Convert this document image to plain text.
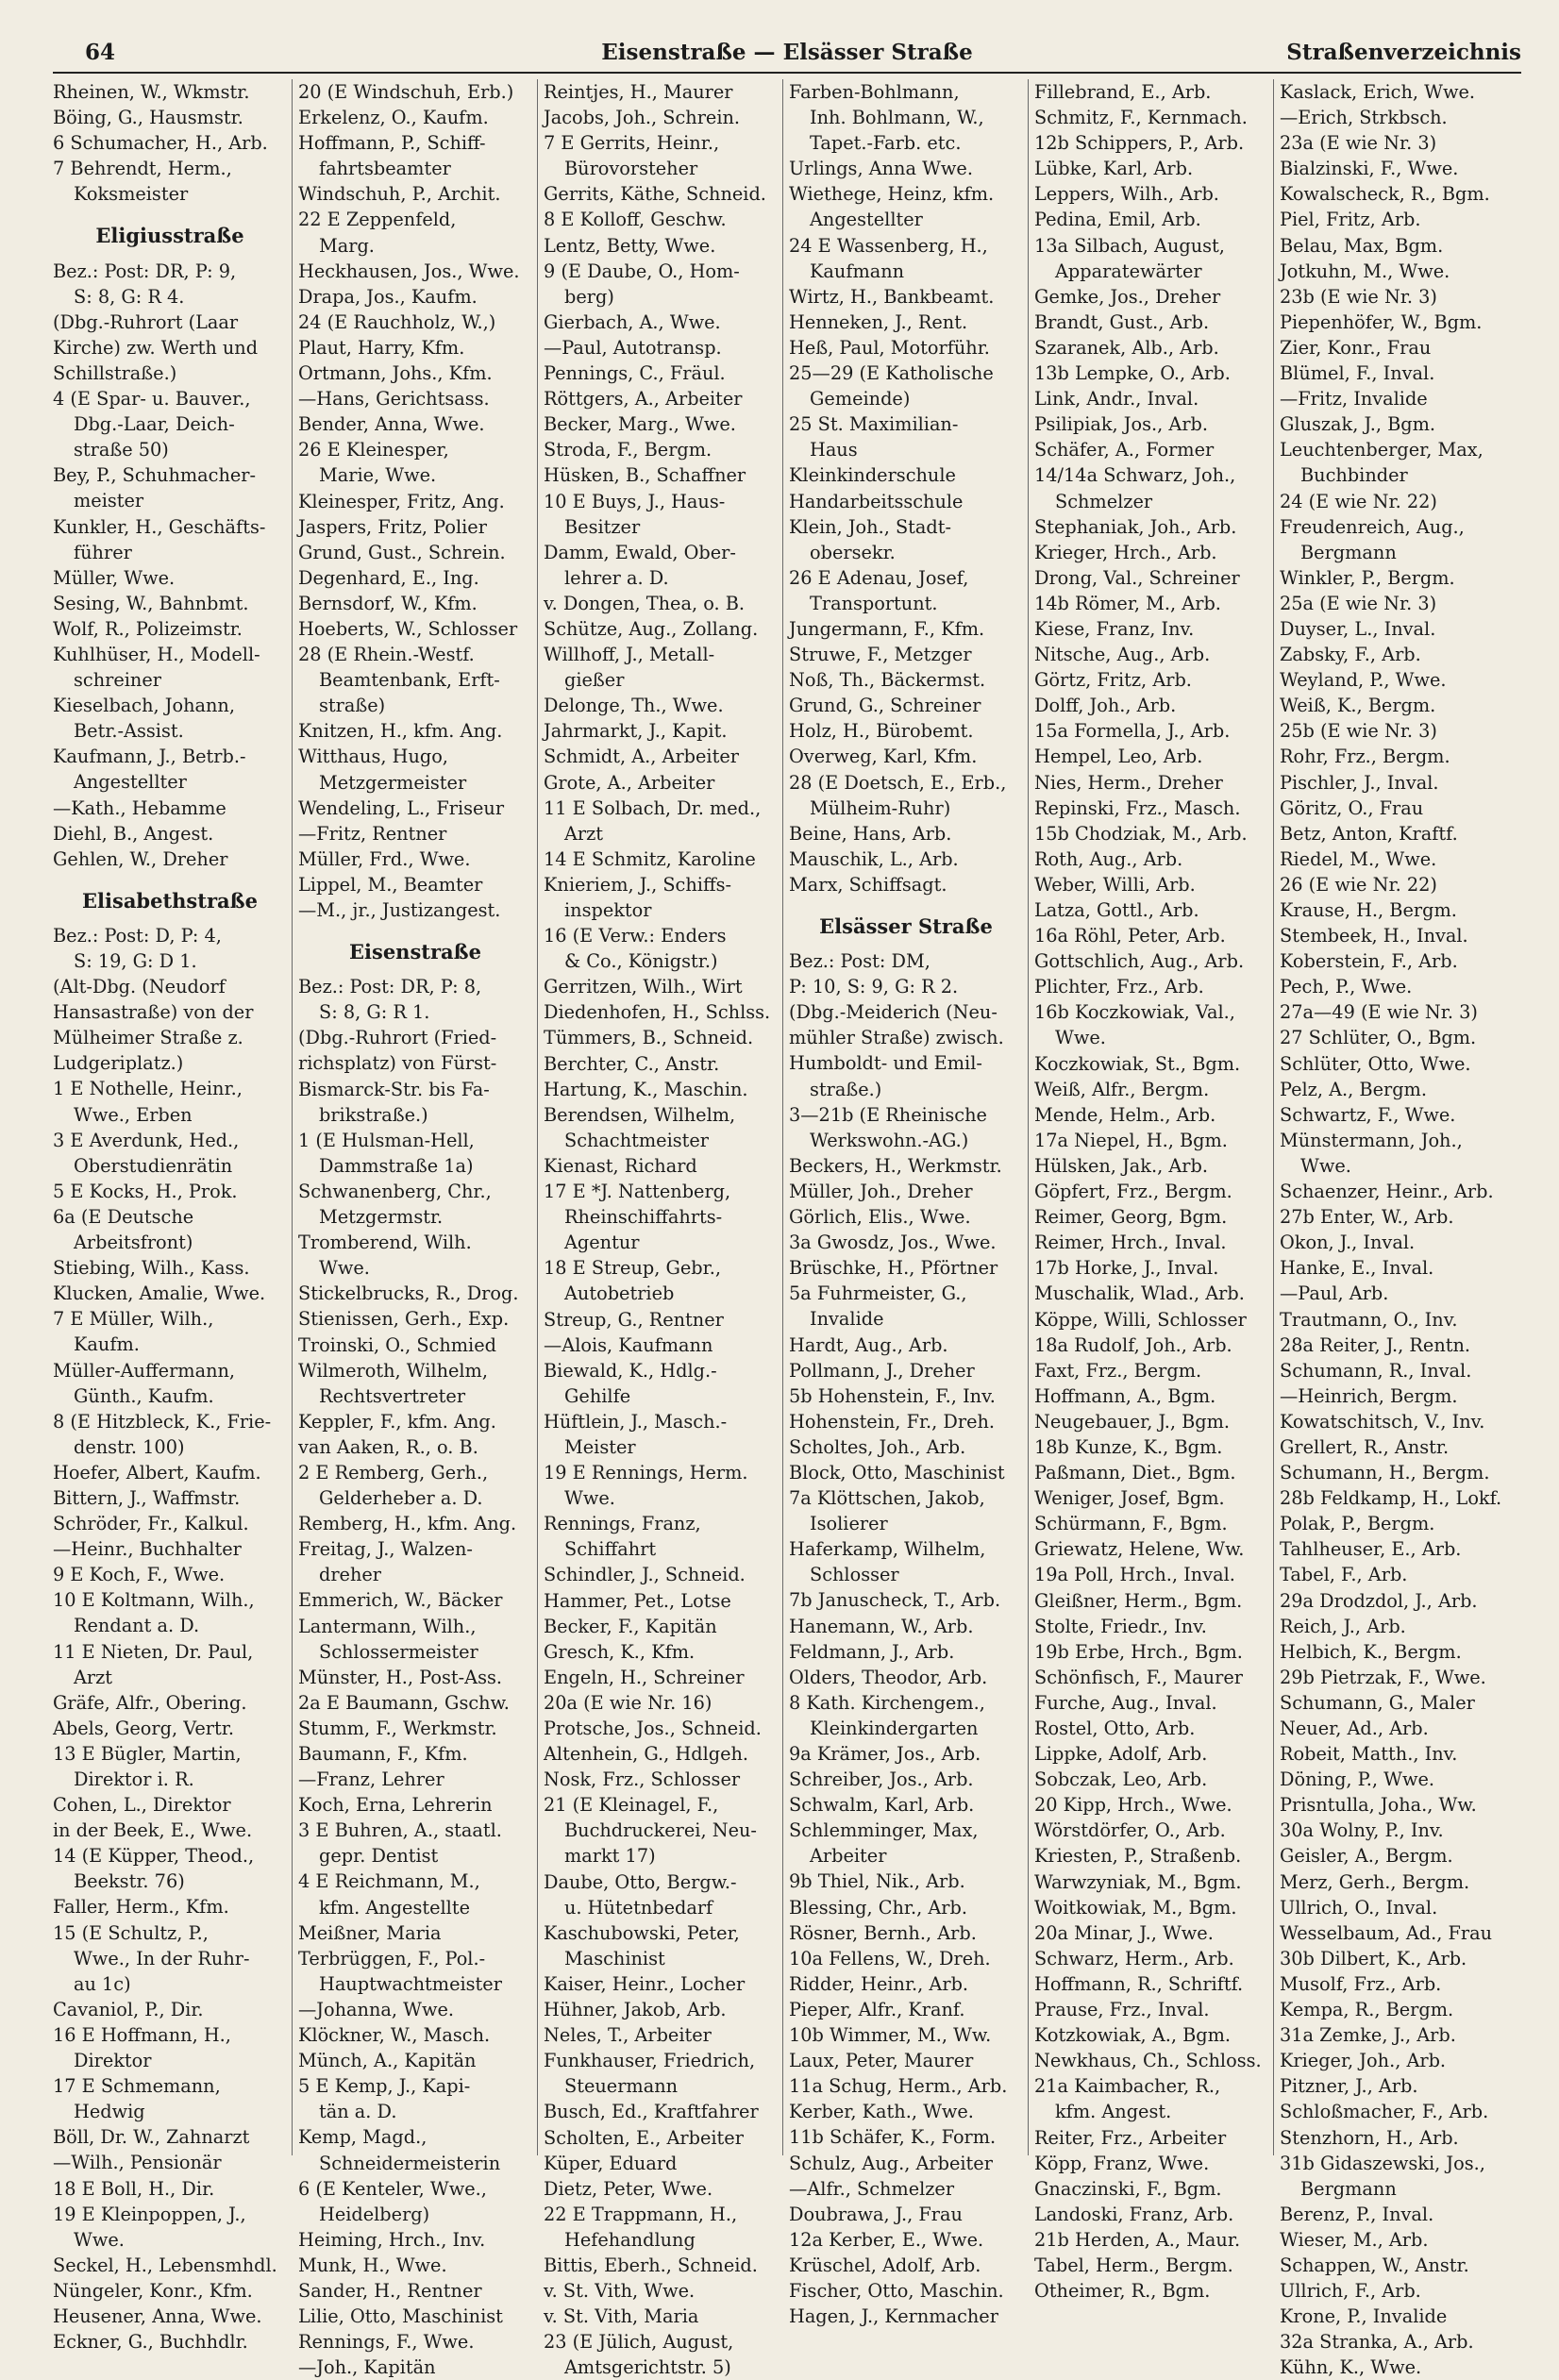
64	Eisenstraße — Elsässer Straße	Straßenverzeichnis
Rheinen, W., Wkmstr.
Böing, G., Hausmstr.
6 Schumacher, H., Arb.
7 Behrendt, Herm.,
Koksmeister
Eligiusstraße
Bez.: Post: DR, P: 9,
S: 8, G: R 4.
(Dbg.-Ruhrort (Laar
Kirche) zw. Werth und
Schillstraße.)
4 (E Spar- u. Bauver.,
Dbg.-Laar, Deich-
straße 50)
Bey, P., Schuhmacher-
meister
Kunkler, H., Geschäfts-
führer
Müller, Wwe.
Sesing, W., Bahnbmt.
Wolf, R., Polizeimstr.
Kuhlhüser, H., Modell-
schreiner
Kieselbach, Johann,
Betr.-Assist.
Kaufmann, J., Betrb.-
Angestellter
—Kath., Hebamme
Diehl, B., Angest.
Gehlen, W., Dreher
Elisabethstraße
Bez.: Post: D, P: 4,
S: 19, G: D 1.
(Alt-Dbg. (Neudorf
Hansastraße) von der
Mülheimer Straße z.
Ludgeriplatz.)
1 E Nothelle, Heinr.,
Wwe., Erben
3 E Averdunk, Hed.,
Oberstudienrätin
5 E Kocks, H., Prok.
6a (E Deutsche
Arbeitsfront)
Stiebing, Wilh., Kass.
Klucken, Amalie, Wwe.
7 E Müller, Wilh.,
Kaufm.
Müller-Auffermann,
Günth., Kaufm.
8 (E Hitzbleck, K., Frie-
denstr. 100)
Hoefer, Albert, Kaufm.
Bittern, J., Waffmstr.
Schröder, Fr., Kalkul.
—Heinr., Buchhalter
9 E Koch, F., Wwe.
10 E Koltmann, Wilh.,
Rendant a. D.
11 E Nieten, Dr. Paul,
Arzt
Gräfe, Alfr., Obering.
Abels, Georg, Vertr.
13 E Bügler, Martin,
Direktor i. R.
Cohen, L., Direktor
in der Beek, E., Wwe.
14 (E Küpper, Theod.,
Beekstr. 76)
Faller, Herm., Kfm.
15 (E Schultz, P.,
Wwe., In der Ruhr-
au 1c)
Cavaniol, P., Dir.
16 E Hoffmann, H.,
Direktor
17 E Schmemann,
Hedwig
Böll, Dr. W., Zahnarzt
—Wilh., Pensionär
18 E Boll, H., Dir.
19 E Kleinpoppen, J.,
Wwe.
Seckel, H., Lebensmhdl.
Nüngeler, Konr., Kfm.
Heusener, Anna, Wwe.
Eckner, G., Buchhdlr.
20 (E Windschuh, Erb.)
Erkelenz, O., Kaufm.
Hoffmann, P., Schiff-
fahrtsbeamter
Windschuh, P., Archit.
22 E Zeppenfeld,
Marg.
Heckhausen, Jos., Wwe.
Drapa, Jos., Kaufm.
24 (E Rauchholz, W.,)
Plaut, Harry, Kfm.
Ortmann, Johs., Kfm.
—Hans, Gerichtsass.
Bender, Anna, Wwe.
26 E Kleinesper,
Marie, Wwe.
Kleinesper, Fritz, Ang.
Jaspers, Fritz, Polier
Grund, Gust., Schrein.
Degenhard, E., Ing.
Bernsdorf, W., Kfm.
Hoeberts, W., Schlosser
28 (E Rhein.-Westf.
Beamtenbank, Erft-
straße)
Knitzen, H., kfm. Ang.
Witthaus, Hugo,
Metzgermeister
Wendeling, L., Friseur
—Fritz, Rentner
Müller, Frd., Wwe.
Lippel, M., Beamter
—M., jr., Justizangest.
Eisenstraße
Bez.: Post: DR, P: 8,
S: 8, G: R 1.
(Dbg.-Ruhrort (Fried-
richsplatz) von Fürst-
Bismarck-Str. bis Fa-
brikstraße.)
1 (E Hulsman-Hell,
Dammstraße 1a)
Schwanenberg, Chr.,
Metzgermstr.
Tromberend, Wilh.
Wwe.
Stickelbrucks, R., Drog.
Stienissen, Gerh., Exp.
Troinski, O., Schmied
Wilmeroth, Wilhelm,
Rechtsvertreter
Keppler, F., kfm. Ang.
van Aaken, R., o. B.
2 E Remberg, Gerh.,
Gelderheber a. D.
Remberg, H., kfm. Ang.
Freitag, J., Walzen-
dreher
Emmerich, W., Bäcker
Lantermann, Wilh.,
Schlossermeister
Münster, H., Post-Ass.
2a E Baumann, Gschw.
Stumm, F., Werkmstr.
Baumann, F., Kfm.
—Franz, Lehrer
Koch, Erna, Lehrerin
3 E Buhren, A., staatl.
gepr. Dentist
4 E Reichmann, M.,
kfm. Angestellte
Meißner, Maria
Terbrüggen, F., Pol.-
Hauptwachtmeister
—Johanna, Wwe.
Klöckner, W., Masch.
Münch, A., Kapitän
5 E Kemp, J., Kapi-
tän a. D.
Kemp, Magd.,
Schneidermeisterin
6 (E Kenteler, Wwe.,
Heidelberg)
Heiming, Hrch., Inv.
Munk, H., Wwe.
Sander, H., Rentner
Lilie, Otto, Maschinist
Rennings, F., Wwe.
—Joh., Kapitän
Reintjes, H., Maurer
Jacobs, Joh., Schrein.
7 E Gerrits, Heinr.,
Bürovorsteher
Gerrits, Käthe, Schneid.
8 E Kolloff, Geschw.
Lentz, Betty, Wwe.
9 (E Daube, O., Hom-
berg)
Gierbach, A., Wwe.
—Paul, Autotransp.
Pennings, C., Fräul.
Röttgers, A., Arbeiter
Becker, Marg., Wwe.
Stroda, F., Bergm.
Hüsken, B., Schaffner
10 E Buys, J., Haus-
Besitzer
Damm, Ewald, Ober-
lehrer a. D.
v. Dongen, Thea, o. B.
Schütze, Aug., Zollang.
Willhoff, J., Metall-
gießer
Delonge, Th., Wwe.
Jahrmarkt, J., Kapit.
Schmidt, A., Arbeiter
Grote, A., Arbeiter
11 E Solbach, Dr. med.,
Arzt
14 E Schmitz, Karoline
Knieriem, J., Schiffs-
inspektor
16 (E Verw.: Enders
& Co., Königstr.)
Gerritzen, Wilh., Wirt
Diedenhofen, H., Schlss.
Tümmers, B., Schneid.
Berchter, C., Anstr.
Hartung, K., Maschin.
Berendsen, Wilhelm,
Schachtmeister
Kienast, Richard
17 E *J. Nattenberg,
Rheinschiffahrts-
Agentur
18 E Streup, Gebr.,
Autobetrieb
Streup, G., Rentner
—Alois, Kaufmann
Biewald, K., Hdlg.-
Gehilfe
Hüftlein, J., Masch.-
Meister
19 E Rennings, Herm.
Wwe.
Rennings, Franz,
Schiffahrt
Schindler, J., Schneid.
Hammer, Pet., Lotse
Becker, F., Kapitän
Gresch, K., Kfm.
Engeln, H., Schreiner
20a (E wie Nr. 16)
Protsche, Jos., Schneid.
Altenhein, G., Hdlgeh.
Nosk, Frz., Schlosser
21 (E Kleinagel, F.,
Buchdruckerei, Neu-
markt 17)
Daube, Otto, Bergw.-
u. Hütetnbedarf
Kaschubowski, Peter,
Maschinist
Kaiser, Heinr., Locher
Hühner, Jakob, Arb.
Neles, T., Arbeiter
Funkhauser, Friedrich,
Steuermann
Busch, Ed., Kraftfahrer
Scholten, E., Arbeiter
Küper, Eduard
Dietz, Peter, Wwe.
22 E Trappmann, H.,
Hefehandlung
Bittis, Eberh., Schneid.
v. St. Vith, Wwe.
v. St. Vith, Maria
23 (E Jülich, August,
Amtsgerichtstr. 5)
Farben-Bohlmann,
Inh. Bohlmann, W.,
Tapet.-Farb. etc.
Urlings, Anna Wwe.
Wiethege, Heinz, kfm.
Angestellter
24 E Wassenberg, H.,
Kaufmann
Wirtz, H., Bankbeamt.
Henneken, J., Rent.
Heß, Paul, Motorführ.
25—29 (E Katholische
Gemeinde)
25 St. Maximilian-
Haus
Kleinkinderschule
Handarbeitsschule
Klein, Joh., Stadt-
obersekr.
26 E Adenau, Josef,
Transportunt.
Jungermann, F., Kfm.
Struwe, F., Metzger
Noß, Th., Bäckermst.
Grund, G., Schreiner
Holz, H., Bürobemt.
Overweg, Karl, Kfm.
28 (E Doetsch, E., Erb.,
Mülheim-Ruhr)
Beine, Hans, Arb.
Mauschik, L., Arb.
Marx, Schiffsagt.
Elsässer Straße
Bez.: Post: DM,
P: 10, S: 9, G: R 2.
(Dbg.-Meiderich (Neu-
mühler Straße) zwisch.
Humboldt- und Emil-
straße.)
3—21b (E Rheinische
Werkswohn.-AG.)
Beckers, H., Werkmstr.
Müller, Joh., Dreher
Görlich, Elis., Wwe.
3a Gwosdz, Jos., Wwe.
Brüschke, H., Pförtner
5a Fuhrmeister, G.,
Invalide
Hardt, Aug., Arb.
Pollmann, J., Dreher
5b Hohenstein, F., Inv.
Hohenstein, Fr., Dreh.
Scholtes, Joh., Arb.
Block, Otto, Maschinist
7a Klöttschen, Jakob,
Isolierer
Haferkamp, Wilhelm,
Schlosser
7b Januscheck, T., Arb.
Hanemann, W., Arb.
Feldmann, J., Arb.
Olders, Theodor, Arb.
8 Kath. Kirchengem.,
Kleinkindergarten
9a Krämer, Jos., Arb.
Schreiber, Jos., Arb.
Schwalm, Karl, Arb.
Schlemminger, Max,
Arbeiter
9b Thiel, Nik., Arb.
Blessing, Chr., Arb.
Rösner, Bernh., Arb.
10a Fellens, W., Dreh.
Ridder, Heinr., Arb.
Pieper, Alfr., Kranf.
10b Wimmer, M., Ww.
Laux, Peter, Maurer
11a Schug, Herm., Arb.
Kerber, Kath., Wwe.
11b Schäfer, K., Form.
Schulz, Aug., Arbeiter
—Alfr., Schmelzer
Doubrawa, J., Frau
12a Kerber, E., Wwe.
Krüschel, Adolf, Arb.
Fischer, Otto, Maschin.
Hagen, J., Kernmacher
Fillebrand, E., Arb.
Schmitz, F., Kernmach.
12b Schippers, P., Arb.
Lübke, Karl, Arb.
Leppers, Wilh., Arb.
Pedina, Emil, Arb.
13a Silbach, August,
Apparatewärter
Gemke, Jos., Dreher
Brandt, Gust., Arb.
Szaranek, Alb., Arb.
13b Lempke, O., Arb.
Link, Andr., Inval.
Psilipiak, Jos., Arb.
Schäfer, A., Former
14/14a Schwarz, Joh.,
Schmelzer
Stephaniak, Joh., Arb.
Krieger, Hrch., Arb.
Drong, Val., Schreiner
14b Römer, M., Arb.
Kiese, Franz, Inv.
Nitsche, Aug., Arb.
Görtz, Fritz, Arb.
Dolff, Joh., Arb.
15a Formella, J., Arb.
Hempel, Leo, Arb.
Nies, Herm., Dreher
Repinski, Frz., Masch.
15b Chodziak, M., Arb.
Roth, Aug., Arb.
Weber, Willi, Arb.
Latza, Gottl., Arb.
16a Röhl, Peter, Arb.
Gottschlich, Aug., Arb.
Plichter, Frz., Arb.
16b Koczkowiak, Val.,
Wwe.
Koczkowiak, St., Bgm.
Weiß, Alfr., Bergm.
Mende, Helm., Arb.
17a Niepel, H., Bgm.
Hülsken, Jak., Arb.
Göpfert, Frz., Bergm.
Reimer, Georg, Bgm.
Reimer, Hrch., Inval.
17b Horke, J., Inval.
Muschalik, Wlad., Arb.
Köppe, Willi, Schlosser
18a Rudolf, Joh., Arb.
Faxt, Frz., Bergm.
Hoffmann, A., Bgm.
Neugebauer, J., Bgm.
18b Kunze, K., Bgm.
Paßmann, Diet., Bgm.
Weniger, Josef, Bgm.
Schürmann, F., Bgm.
Griewatz, Helene, Ww.
19a Poll, Hrch., Inval.
Gleißner, Herm., Bgm.
Stolte, Friedr., Inv.
19b Erbe, Hrch., Bgm.
Schönfisch, F., Maurer
Furche, Aug., Inval.
Rostel, Otto, Arb.
Lippke, Adolf, Arb.
Sobczak, Leo, Arb.
20 Kipp, Hrch., Wwe.
Wörstdörfer, O., Arb.
Kriesten, P., Straßenb.
Warwzyniak, M., Bgm.
Woitkowiak, M., Bgm.
20a Minar, J., Wwe.
Schwarz, Herm., Arb.
Hoffmann, R., Schriftf.
Prause, Frz., Inval.
Kotzkowiak, A., Bgm.
Newkhaus, Ch., Schloss.
21a Kaimbacher, R.,
kfm. Angest.
Reiter, Frz., Arbeiter
Köpp, Franz, Wwe.
Gnaczinski, F., Bgm.
Landoski, Franz, Arb.
21b Herden, A., Maur.
Tabel, Herm., Bergm.
Otheimer, R., Bgm.
Kaslack, Erich, Wwe.
—Erich, Strkbsch.
23a (E wie Nr. 3)
Bialzinski, F., Wwe.
Kowalscheck, R., Bgm.
Piel, Fritz, Arb.
Belau, Max, Bgm.
Jotkuhn, M., Wwe.
23b (E wie Nr. 3)
Piepenhöfer, W., Bgm.
Zier, Konr., Frau
Blümel, F., Inval.
—Fritz, Invalide
Gluszak, J., Bgm.
Leuchtenberger, Max,
Buchbinder
24 (E wie Nr. 22)
Freudenreich, Aug.,
Bergmann
Winkler, P., Bergm.
25a (E wie Nr. 3)
Duyser, L., Inval.
Zabsky, F., Arb.
Weyland, P., Wwe.
Weiß, K., Bergm.
25b (E wie Nr. 3)
Rohr, Frz., Bergm.
Pischler, J., Inval.
Göritz, O., Frau
Betz, Anton, Kraftf.
Riedel, M., Wwe.
26 (E wie Nr. 22)
Krause, H., Bergm.
Stembeek, H., Inval.
Koberstein, F., Arb.
Pech, P., Wwe.
27a—49 (E wie Nr. 3)
27 Schlüter, O., Bgm.
Schlüter, Otto, Wwe.
Pelz, A., Bergm.
Schwartz, F., Wwe.
Münstermann, Joh.,
Wwe.
Schaenzer, Heinr., Arb.
27b Enter, W., Arb.
Okon, J., Inval.
Hanke, E., Inval.
—Paul, Arb.
Trautmann, O., Inv.
28a Reiter, J., Rentn.
Schumann, R., Inval.
—Heinrich, Bergm.
Kowatschitsch, V., Inv.
Grellert, R., Anstr.
Schumann, H., Bergm.
28b Feldkamp, H., Lokf.
Polak, P., Bergm.
Tahlheuser, E., Arb.
Tabel, F., Arb.
29a Drodzdol, J., Arb.
Reich, J., Arb.
Helbich, K., Bergm.
29b Pietrzak, F., Wwe.
Schumann, G., Maler
Neuer, Ad., Arb.
Robeit, Matth., Inv.
Döning, P., Wwe.
Prisntulla, Joha., Ww.
30a Wolny, P., Inv.
Geisler, A., Bergm.
Merz, Gerh., Bergm.
Ullrich, O., Inval.
Wesselbaum, Ad., Frau
30b Dilbert, K., Arb.
Musolf, Frz., Arb.
Kempa, R., Bergm.
31a Zemke, J., Arb.
Krieger, Joh., Arb.
Pitzner, J., Arb.
Schloßmacher, F., Arb.
Stenzhorn, H., Arb.
31b Gidaszewski, Jos.,
Bergmann
Berenz, P., Inval.
Wieser, M., Arb.
Schappen, W., Anstr.
Ullrich, F., Arb.
Krone, P., Invalide
32a Stranka, A., Arb.
Kühn, K., Wwe.
